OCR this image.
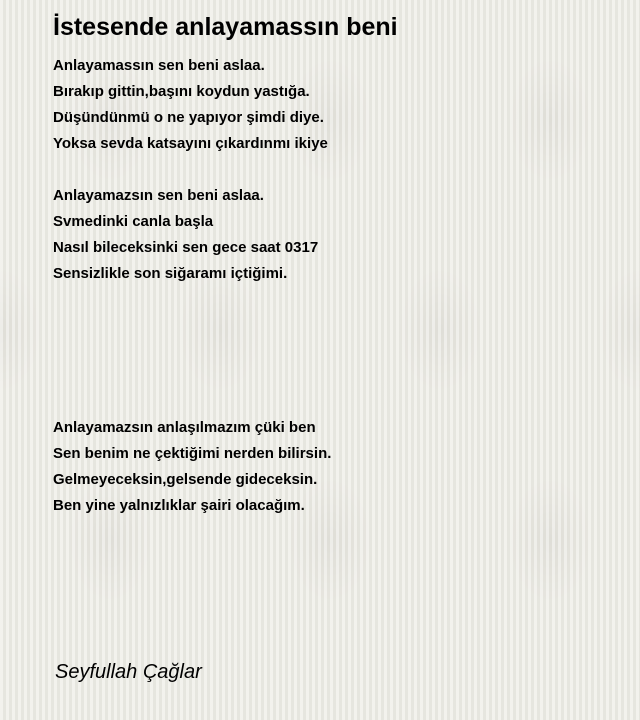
İstesende anlayamassın beni
Anlayamassın sen beni aslaa.
Bırakıp gittin,başını koydun yastığa.
Düşündünmü o ne yapıyor şimdi diye.
Yoksa sevda katsayını çıkardınmı ikiye
Anlayamazsın sen beni aslaa.
Svmedinki canla başla
Nasıl bileceksinki sen gece saat 0317
Sensizlikle son siğaramı içtiğimi.
Anlayamazsın anlaşılmazım çüki ben
Sen benim ne çektiğimi nerden bilirsin.
Gelmeyeceksin,gelsende gideceksin.
Ben yine yalnızlıklar şairi olacağım.
Seyfullah Çağlar
